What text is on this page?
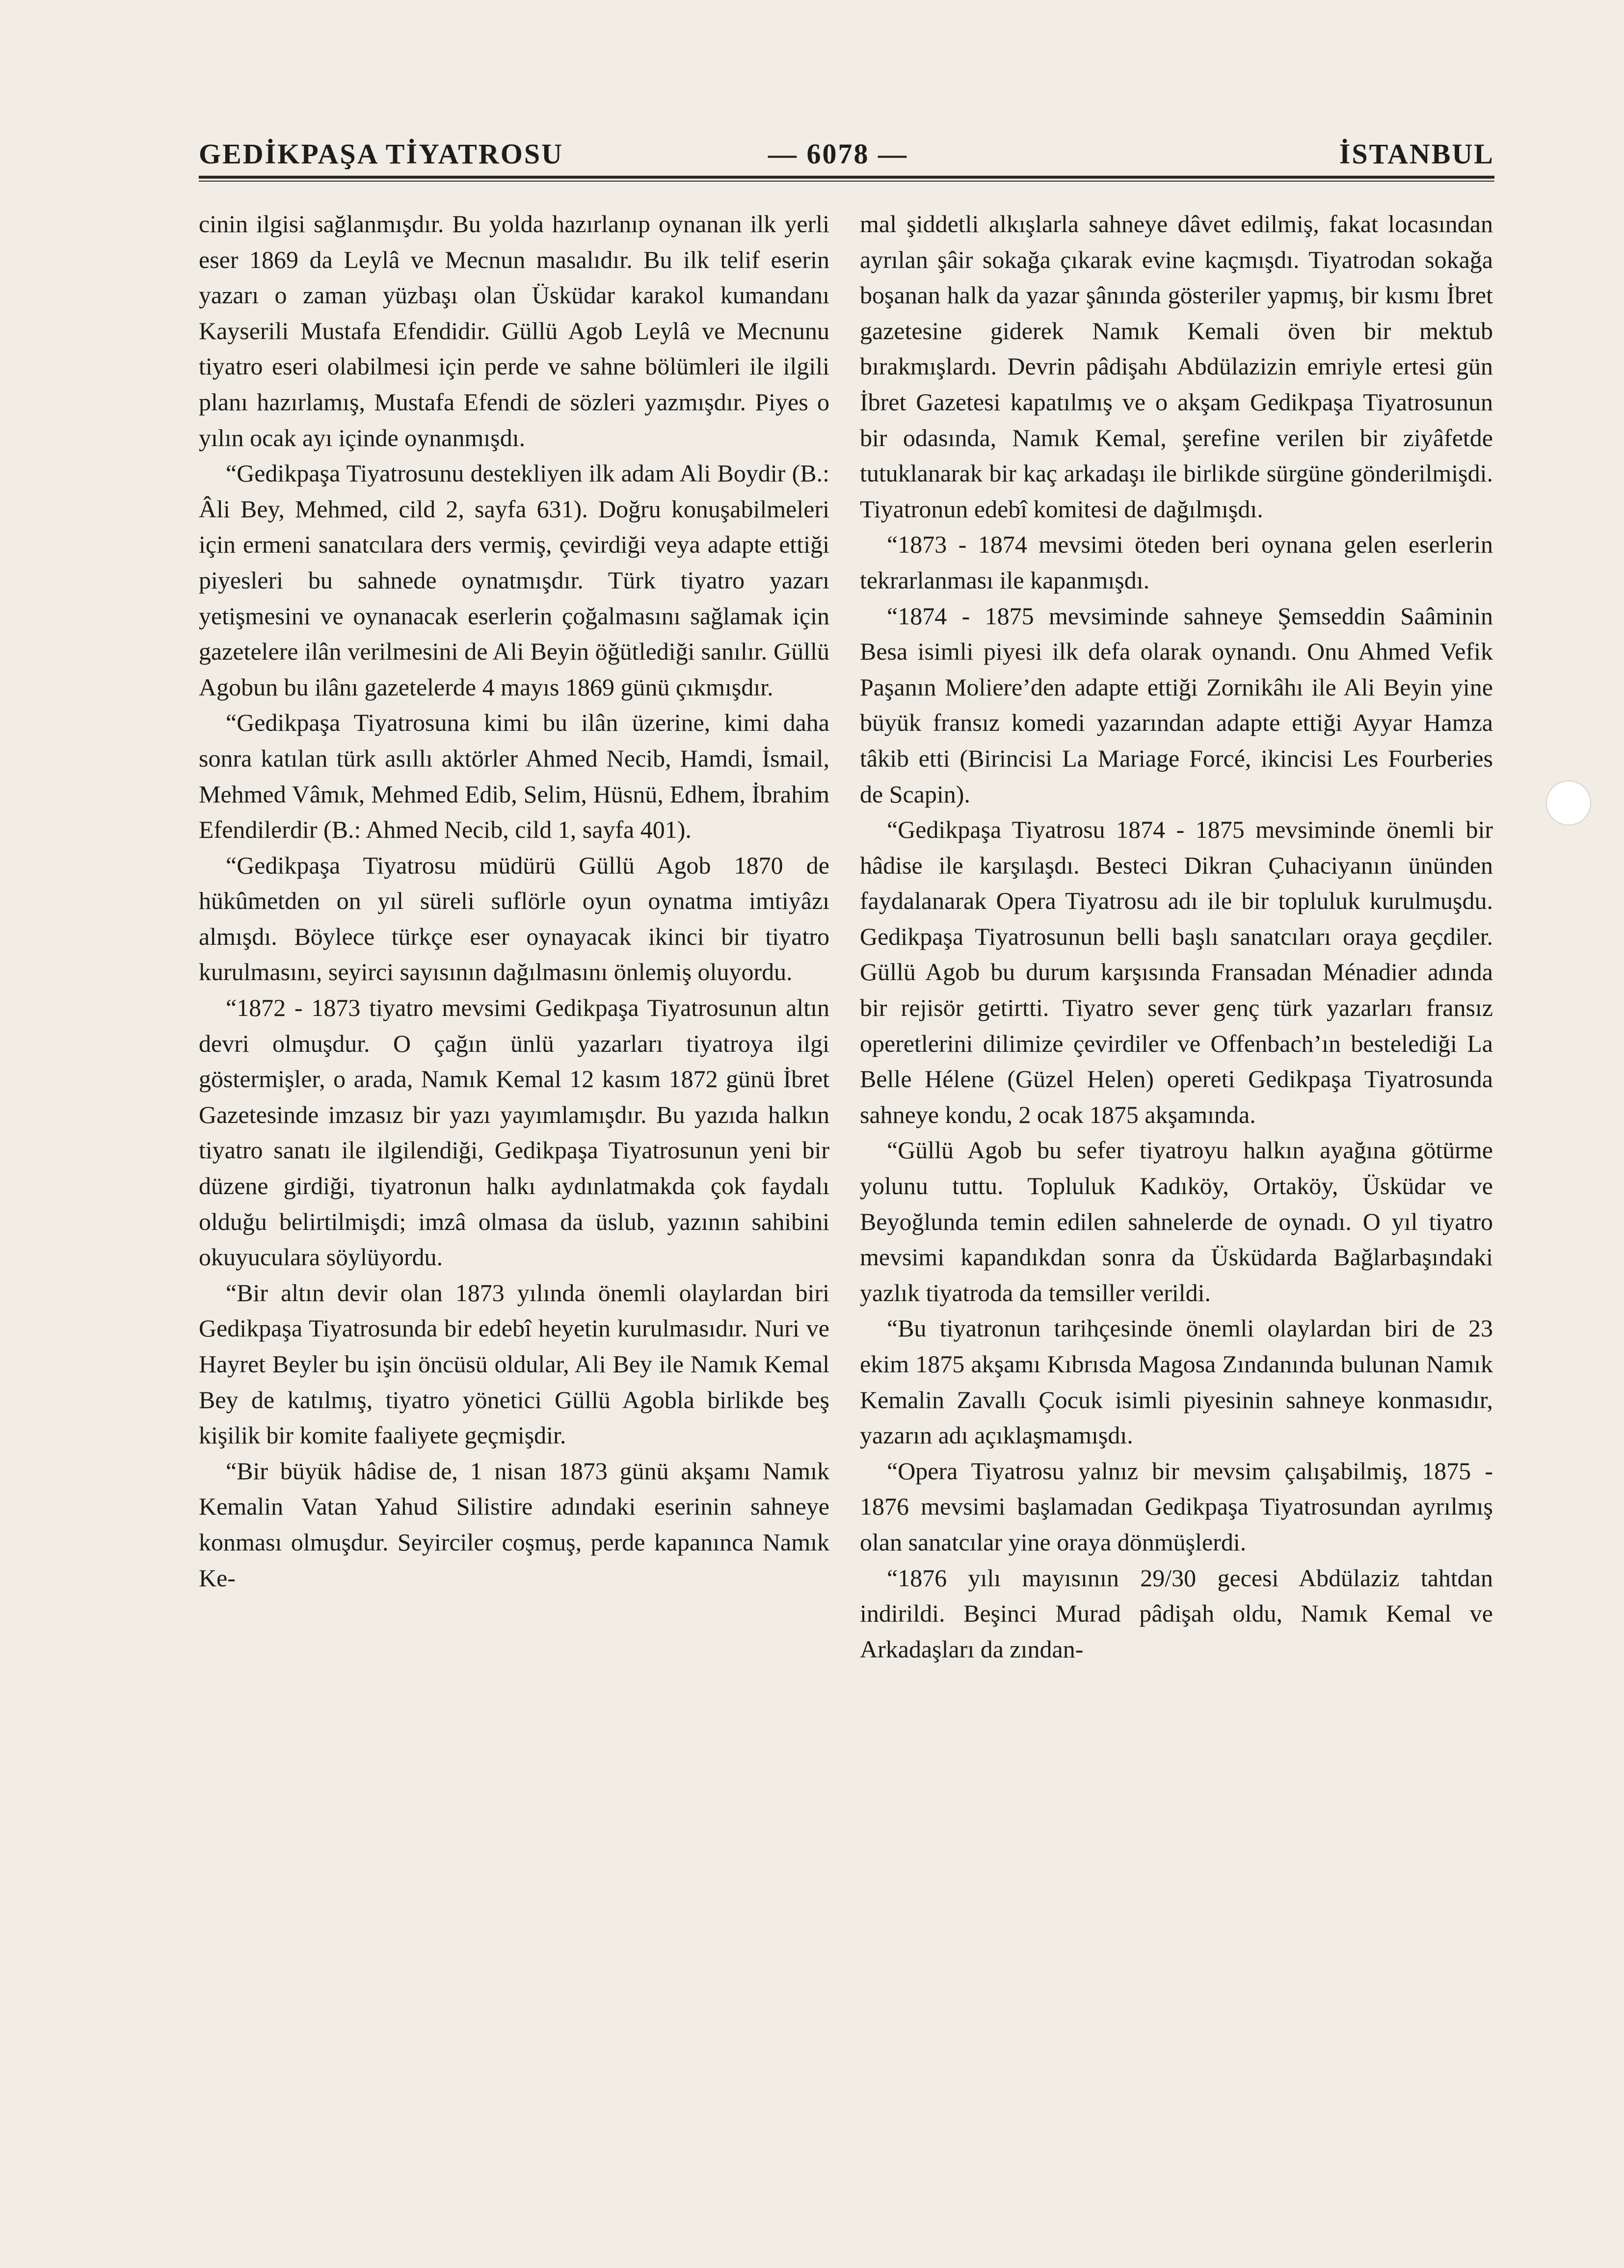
GEDİKPAŞA TİYATROSU	— 6078 —	İSTANBUL

cinin ilgisi sağlanmışdır. Bu yolda hazırlanıp oynanan ilk yerli eser 1869 da Leylâ ve Mecnun masalıdır. Bu ilk telif eserin yazarı o zaman yüzbaşı olan Üsküdar karakol kumandanı Kayserili Mustafa Efendidir. Güllü Agob Leylâ ve Mecnunu tiyatro eseri olabilmesi için perde ve sahne bölümleri ile ilgili planı hazırlamış, Mustafa Efendi de sözleri yazmışdır. Piyes o yılın ocak ayı içinde oynanmışdı.

“Gedikpaşa Tiyatrosunu destekliyen ilk adam Ali Boydir (B.: Âli Bey, Mehmed, cild 2, sayfa 631). Doğru konuşabilmeleri için ermeni sanatcılara ders vermiş, çevirdiği veya adapte ettiği piyesleri bu sahnede oynatmışdır. Türk tiyatro yazarı yetişmesini ve oynanacak eserlerin çoğalmasını sağlamak için gazetelere ilân verilmesini de Ali Beyin öğütlediği sanılır. Güllü Agobun bu ilânı gazetelerde 4 mayıs 1869 günü çıkmışdır.

“Gedikpaşa Tiyatrosuna kimi bu ilân üzerine, kimi daha sonra katılan türk asıllı aktörler Ahmed Necib, Hamdi, İsmail, Mehmed Vâmık, Mehmed Edib, Selim, Hüsnü, Edhem, İbrahim Efendilerdir (B.: Ahmed Necib, cild 1, sayfa 401).

“Gedikpaşa Tiyatrosu müdürü Güllü Agob 1870 de hükûmetden on yıl süreli suflörle oyun oynatma imtiyâzı almışdı. Böylece türkçe eser oynayacak ikinci bir tiyatro kurulmasını, seyirci sayısının dağılmasını önlemiş oluyordu.

“1872 - 1873 tiyatro mevsimi Gedikpaşa Tiyatrosunun altın devri olmuşdur. O çağın ünlü yazarları tiyatroya ilgi göstermişler, o arada, Namık Kemal 12 kasım 1872 günü İbret Gazetesinde imzasız bir yazı yayımlamışdır. Bu yazıda halkın tiyatro sanatı ile ilgilendiği, Gedikpaşa Tiyatrosunun yeni bir düzene girdiği, tiyatronun halkı aydınlatmakda çok faydalı olduğu belirtilmişdi; imzâ olmasa da üslub, yazının sahibini okuyuculara söylüyordu.

“Bir altın devir olan 1873 yılında önemli olaylardan biri Gedikpaşa Tiyatrosunda bir edebî heyetin kurulmasıdır. Nuri ve Hayret Beyler bu işin öncüsü oldular, Ali Bey ile Namık Kemal Bey de katılmış, tiyatro yönetici Güllü Agobla birlikde beş kişilik bir komite faaliyete geçmişdir.

“Bir büyük hâdise de, 1 nisan 1873 günü akşamı Namık Kemalin Vatan Yahud Silistire adındaki eserinin sahneye konması olmuşdur. Seyirciler coşmuş, perde kapanınca Namık Ke-

mal şiddetli alkışlarla sahneye dâvet edilmiş, fakat locasından ayrılan şâir sokağa çıkarak evine kaçmışdı. Tiyatrodan sokağa boşanan halk da yazar şânında gösteriler yapmış, bir kısmı İbret gazetesine giderek Namık Kemali öven bir mektub bırakmışlardı. Devrin pâdişahı Abdülazizin emriyle ertesi gün İbret Gazetesi kapatılmış ve o akşam Gedikpaşa Tiyatrosunun bir odasında, Namık Kemal, şerefine verilen bir ziyâfetde tutuklanarak bir kaç arkadaşı ile birlikde sürgüne gönderilmişdi. Tiyatronun edebî komitesi de dağılmışdı.

“1873 - 1874 mevsimi öteden beri oynana gelen eserlerin tekrarlanması ile kapanmışdı.

“1874 - 1875 mevsiminde sahneye Şemseddin Saâminin Besa isimli piyesi ilk defa olarak oynandı. Onu Ahmed Vefik Paşanın Moliere’den adapte ettiği Zornikâhı ile Ali Beyin yine büyük fransız komedi yazarından adapte ettiği Ayyar Hamza tâkib etti (Birincisi La Mariage Forcé, ikincisi Les Fourberies de Scapin).

“Gedikpaşa Tiyatrosu 1874 - 1875 mevsiminde önemli bir hâdise ile karşılaşdı. Besteci Dikran Çuhaciyanın ününden faydalanarak Opera Tiyatrosu adı ile bir topluluk kurulmuşdu. Gedikpaşa Tiyatrosunun belli başlı sanatcıları oraya geçdiler. Güllü Agob bu durum karşısında Fransadan Ménadier adında bir rejisör getirtti. Tiyatro sever genç türk yazarları fransız operetlerini dilimize çevirdiler ve Offenbach’ın bestelediği La Belle Hélene (Güzel Helen) opereti Gedikpaşa Tiyatrosunda sahneye kondu, 2 ocak 1875 akşamında.

“Güllü Agob bu sefer tiyatroyu halkın ayağına götürme yolunu tuttu. Topluluk Kadıköy, Ortaköy, Üsküdar ve Beyoğlunda temin edilen sahnelerde de oynadı. O yıl tiyatro mevsimi kapandıkdan sonra da Üsküdarda Bağlarbaşındaki yazlık tiyatroda da temsiller verildi.

“Bu tiyatronun tarihçesinde önemli olaylardan biri de 23 ekim 1875 akşamı Kıbrısda Magosa Zındanında bulunan Namık Kemalin Zavallı Çocuk isimli piyesinin sahneye konmasıdır, yazarın adı açıklaşmamışdı.

“Opera Tiyatrosu yalnız bir mevsim çalışabilmiş, 1875 - 1876 mevsimi başlamadan Gedikpaşa Tiyatrosundan ayrılmış olan sanatcılar yine oraya dönmüşlerdi.

“1876 yılı mayısının 29/30 gecesi Abdülaziz tahtdan indirildi. Beşinci Murad pâdişah oldu, Namık Kemal ve Arkadaşları da zından-
